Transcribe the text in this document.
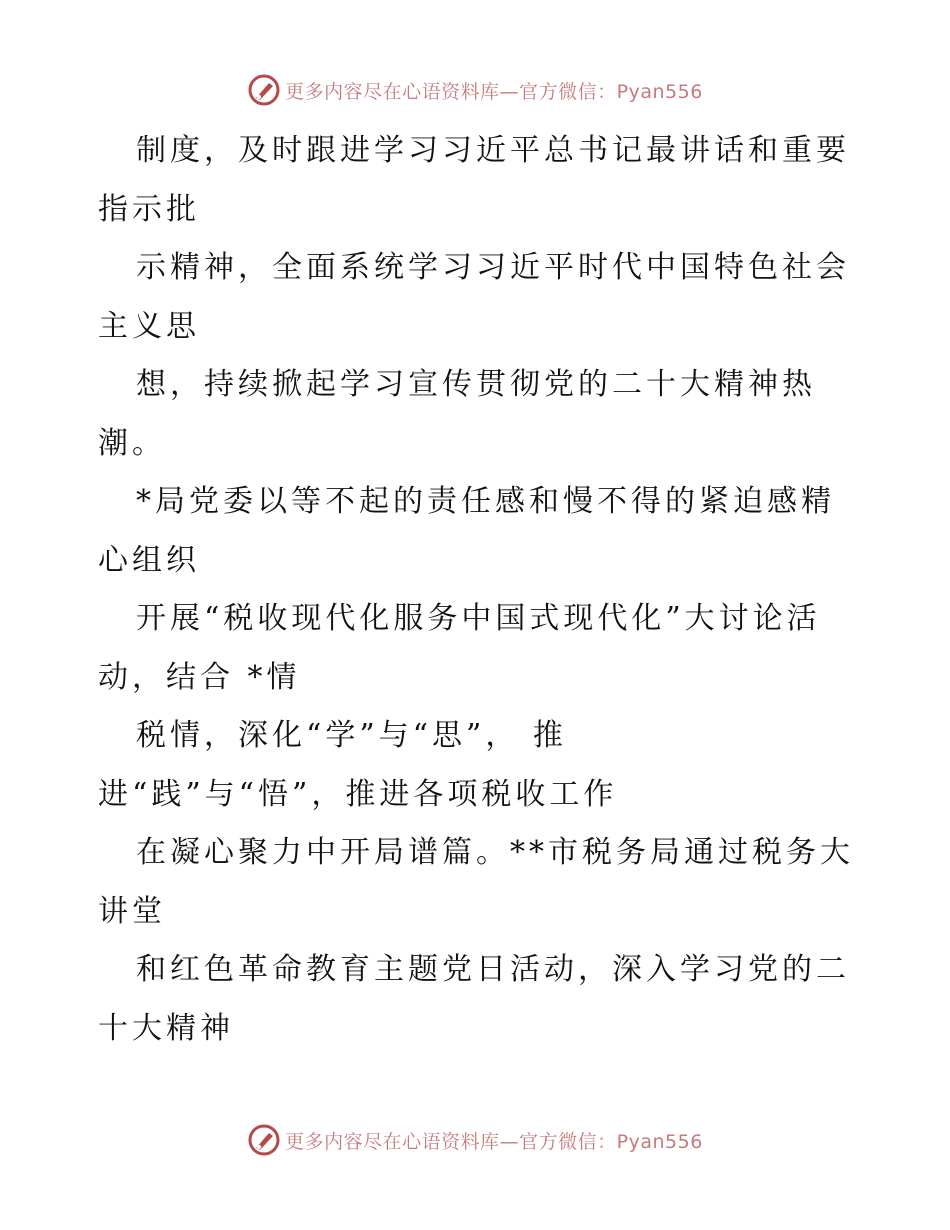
更多内容尽在心语资料库—官方微信：Pyan556
制度，及时跟进学习习近平总书记最讲话和重要
指示批
示精神，全面系统学习习近平时代中国特色社会
主义思
想，持续掀起学习宣传贯彻党的二十大精神热
潮。
*局党委以等不起的责任感和慢不得的紧迫感精
心组织
开展“税收现代化服务中国式现代化”大讨论活
动，结合 *情
税情，深化“学”与“思”， 推
进“践”与“悟”，推进各项税收工作
在凝心聚力中开局谱篇。**市税务局通过税务大
讲堂
和红色革命教育主题党日活动，深入学习党的二
十大精神
更多内容尽在心语资料库—官方微信：Pyan556
